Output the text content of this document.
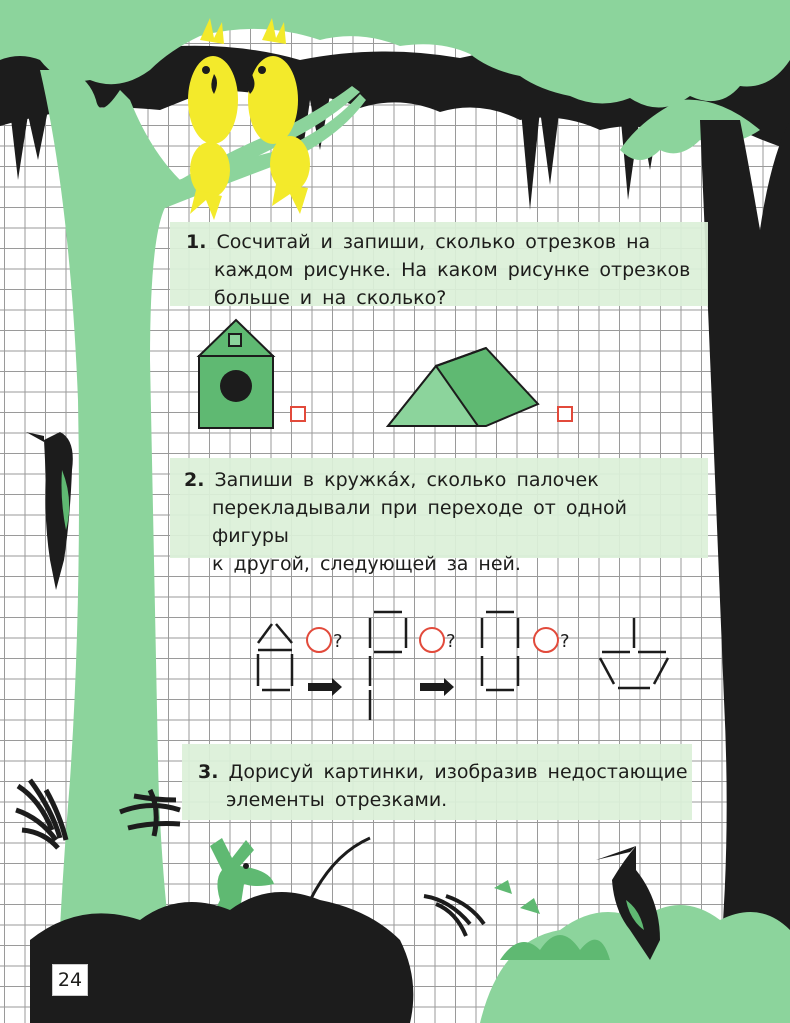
1. Сосчитай и запиши, сколько отрезков на

каждом рисунке. На каком рисунке отрезков

больше и на сколько?

2. Запиши в кружка́х, сколько палочек

перекладывали при переходе от одной фигуры

к другой, следующей за ней.

?	?	?

3. Дорисуй картинки, изобразив недостающие

элементы отрезками.

24
